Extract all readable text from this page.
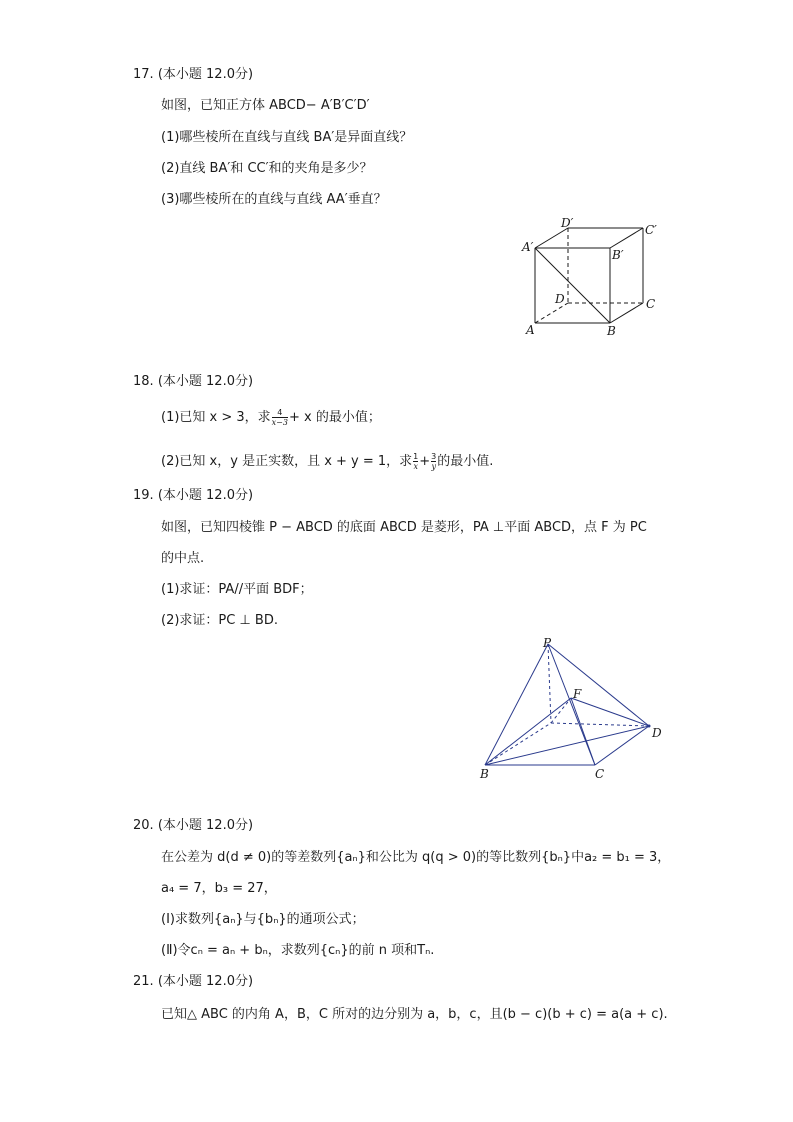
17. (本小题 12.0分)
如图，已知正方体 ABCD− A′B′C′D′
(1)哪些棱所在直线与直线 BA′是异面直线？
(2)直线 BA′和 CC′和的夹角是多少？
(3)哪些棱所在的直线与直线 AA′垂直？
D′	C′
A′
B′
D	C
A	B
18. (本小题 12.0分)
(1)已知 x > 3，求 $\frac{4}{x-3} + x$ 的最小值；
(2)已知 x，y 是正实数，且 x + y = 1，求 $\frac{1}{x} + \frac{3}{y}$ 的最小值.
19. (本小题 12.0分)
如图，已知四棱锥 P − ABCD 的底面 ABCD 是菱形，PA ⊥平面 ABCD，点 F 为 PC
的中点.
(1)求证：PA//平面 BDF；
(2)求证：PC ⊥ BD.
P
F
D
B	C
20. (本小题 12.0分)
在公差为 d(d ≠ 0)的等差数列{aₙ}和公比为 q(q > 0)的等比数列{bₙ}中a₂ = b₁ = 3，
a₄ = 7，b₃ = 27，
(Ⅰ)求数列{aₙ}与{bₙ}的通项公式；
(Ⅱ)令cₙ = aₙ + bₙ，求数列{cₙ}的前 n 项和Tₙ.
21. (本小题 12.0分)
已知△ ABC 的内角 A，B，C 所对的边分别为 a，b，c，且(b − c)(b + c) = a(a + c).
